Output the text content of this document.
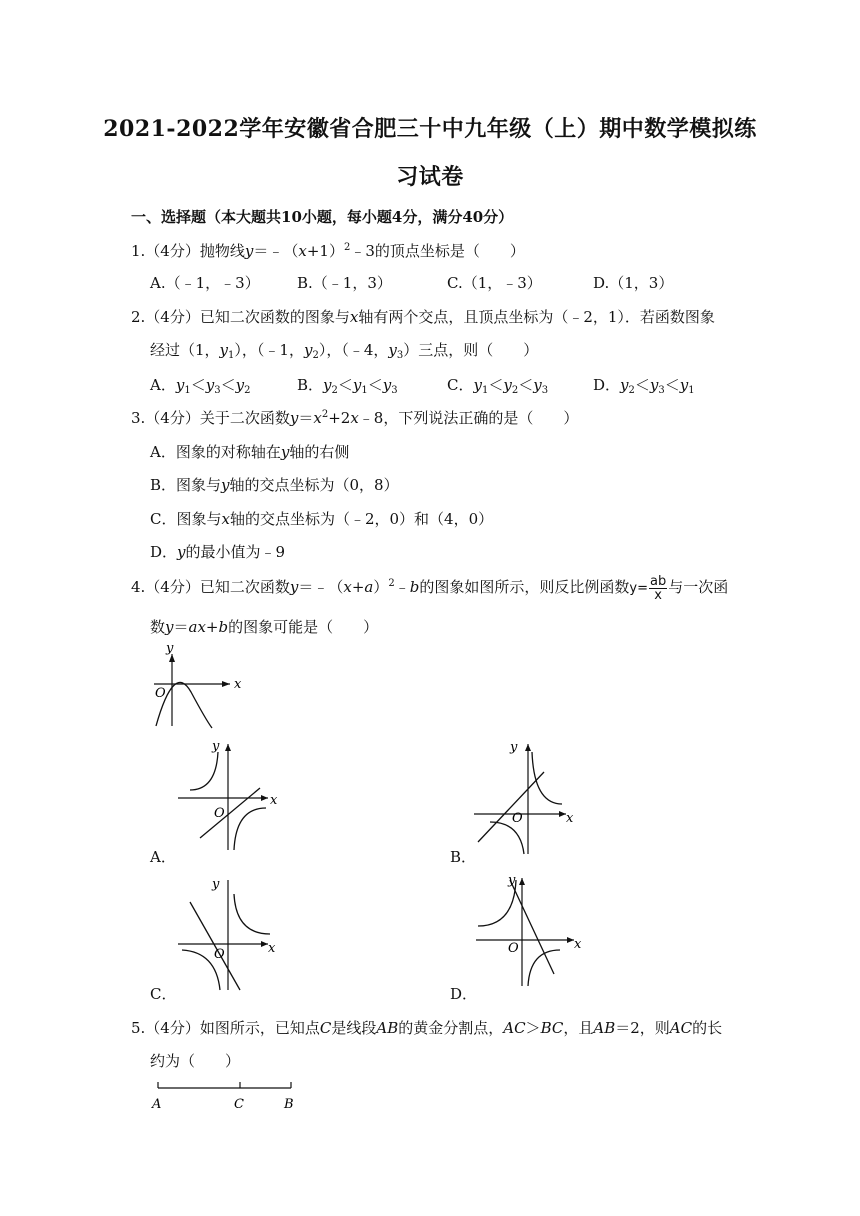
2021-2022学年安徽省合肥三十中九年级（上）期中数学模拟练
习试卷
一、选择题（本大题共10小题，每小题4分，满分40分）
1.（4分）抛物线$y=﹣(x+1)^2﹣3$的顶点坐标是（　　）
A.（﹣1，﹣3） B.（﹣1，3）	C.（1，﹣3）	D.（1，3）
2.（4分）已知二次函数的图象与x轴有两个交点，且顶点坐标为（﹣2，1）．若函数图象
经过（1，$y_1$），（﹣1，$y_2$），（﹣4，$y_3$）三点，则（　　）
A．$y_1<y_3<y_2$	B．$y_2<y_1<y_3$	C．$y_1<y_2<y_3$	D．$y_2<y_3<y_1$
3.（4分）关于二次函数$y=x^2+2x﹣8$，下列说法正确的是（　　）
A．图象的对称轴在y轴的右侧
B．图象与y轴的交点坐标为（0，8）
C．图象与x轴的交点坐标为（﹣2，0）和（4，0）
D．y的最小值为﹣9
4.（4分）已知二次函数$y=﹣(x+a)^2﹣b$的图象如图所示，则反比例函数$y= \frac{ab}{x}$ 与一次函
数y＝ax+b的图象可能是（　　）
y
x
O
y
x
O
A．
y
x
O
B．
y
x
O
C．
y
x
O
D．
5.（4分）如图所示，已知点C是线段AB的黄金分割点，AC＞BC，且AB＝2，则AC的长
约为（　　）
A	C	B
